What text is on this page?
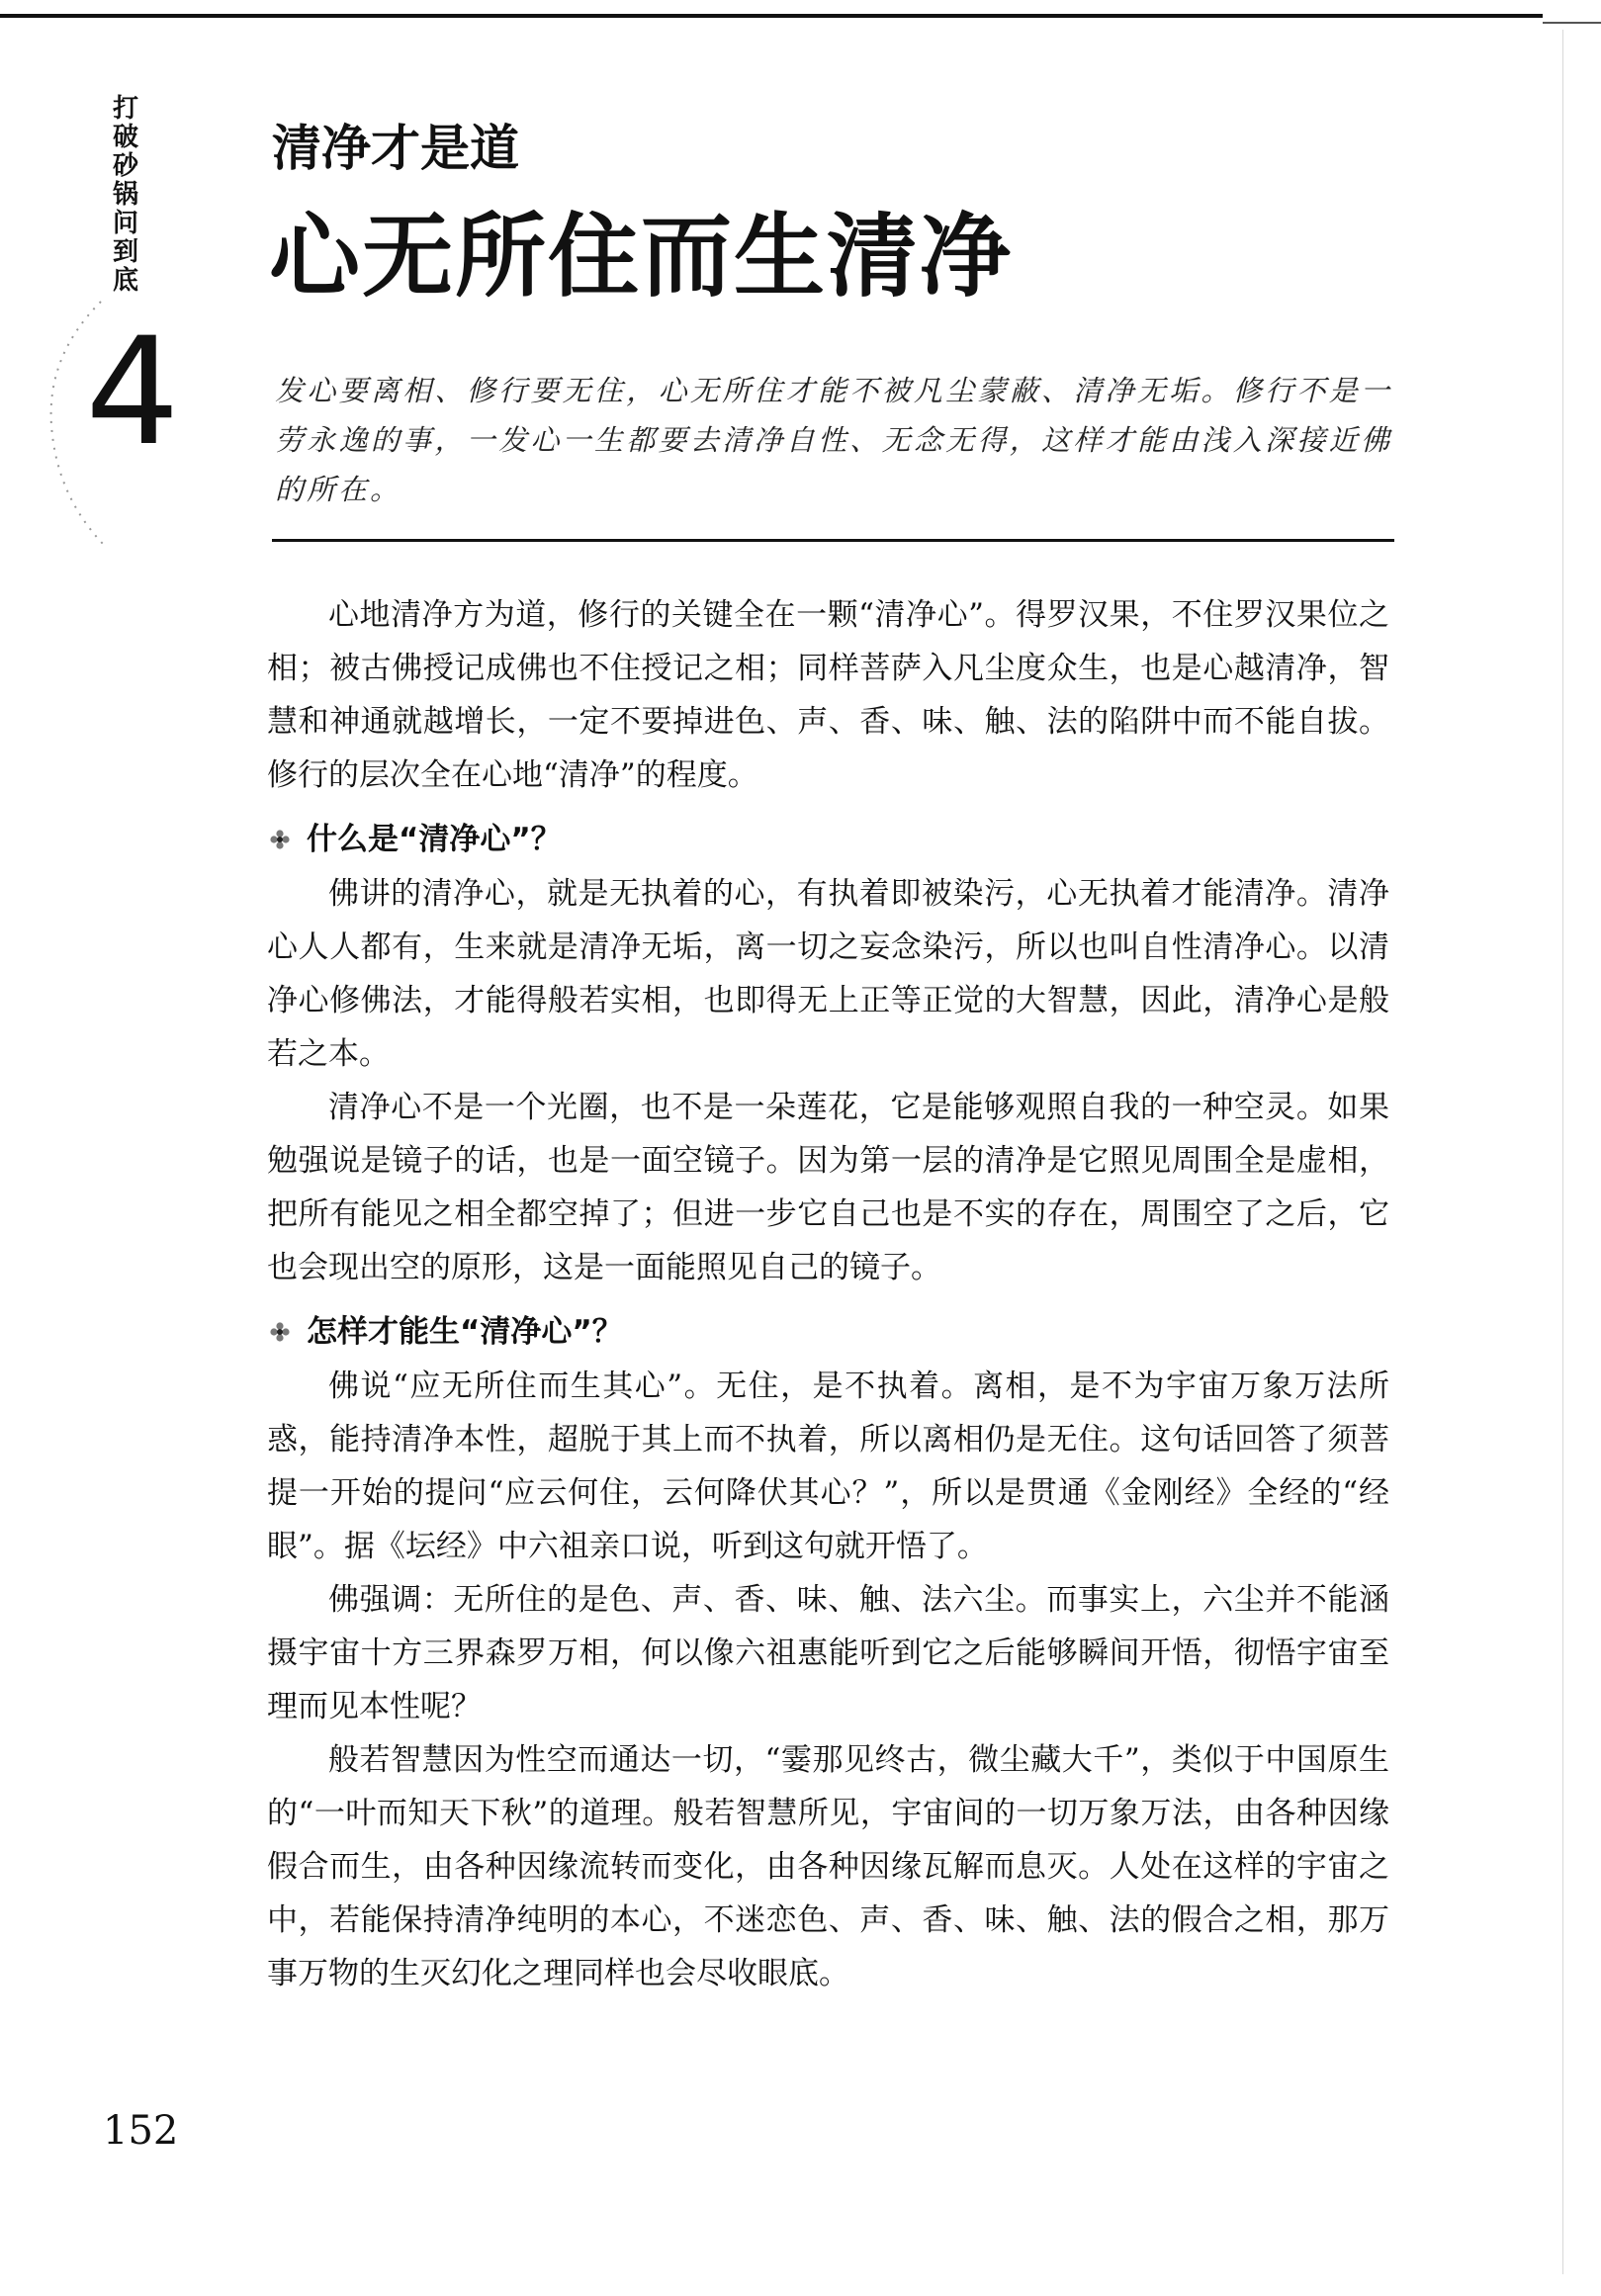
打
破
砂
锅
问
到
底
4
清净才是道
心无所住而生清净
发心要离相、修行要无住，心无所住才能不被凡尘蒙蔽、清净无垢。修行不是一劳永逸的事，一发心一生都要去清净自性、无念无得，这样才能由浅入深接近佛的所在。

心地清净方为道，修行的关键全在一颗“清净心”。得罗汉果，不住罗汉果位之相；被古佛授记成佛也不住授记之相；同样菩萨入凡尘度众生，也是心越清净，智慧和神通就越增长，一定不要掉进色、声、香、味、触、法的陷阱中而不能自拔。修行的层次全在心地“清净”的程度。

什么是“清净心”？

佛讲的清净心，就是无执着的心，有执着即被染污，心无执着才能清净。清净心人人都有，生来就是清净无垢，离一切之妄念染污，所以也叫自性清净心。以清净心修佛法，才能得般若实相，也即得无上正等正觉的大智慧，因此，清净心是般若之本。

清净心不是一个光圈，也不是一朵莲花，它是能够观照自我的一种空灵。如果勉强说是镜子的话，也是一面空镜子。因为第一层的清净是它照见周围全是虚相，把所有能见之相全都空掉了；但进一步它自己也是不实的存在，周围空了之后，它也会现出空的原形，这是一面能照见自己的镜子。

怎样才能生“清净心”？

佛说“应无所住而生其心”。无住，是不执着。离相，是不为宇宙万象万法所惑，能持清净本性，超脱于其上而不执着，所以离相仍是无住。这句话回答了须菩提一开始的提问“应云何住，云何降伏其心？”，所以是贯通《金刚经》全经的“经眼”。据《坛经》中六祖亲口说，听到这句就开悟了。

佛强调：无所住的是色、声、香、味、触、法六尘。而事实上，六尘并不能涵摄宇宙十方三界森罗万相，何以像六祖惠能听到它之后能够瞬间开悟，彻悟宇宙至理而见本性呢？

般若智慧因为性空而通达一切，“霎那见终古，微尘藏大千”，类似于中国原生的“一叶而知天下秋”的道理。般若智慧所见，宇宙间的一切万象万法，由各种因缘假合而生，由各种因缘流转而变化，由各种因缘瓦解而息灭。人处在这样的宇宙之中，若能保持清净纯明的本心，不迷恋色、声、香、味、触、法的假合之相，那万事万物的生灭幻化之理同样也会尽收眼底。

152
